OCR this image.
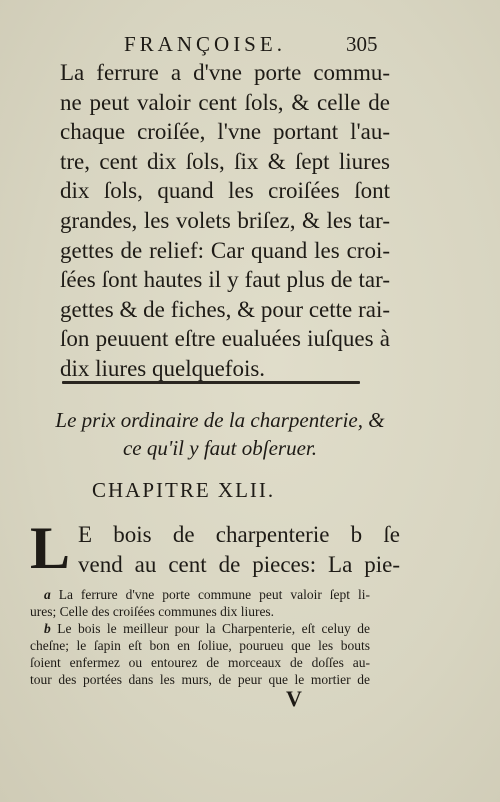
FRANÇOISE.	305
La ferrure a d'vne porte commu-
ne peut valoir cent ſols, & celle de
chaque croiſée, l'vne portant l'au-
tre, cent dix ſols, ſix & ſept liures
dix ſols, quand les croiſées ſont
grandes, les volets briſez, & les tar-
gettes de relief: Car quand les croi-
ſées ſont hautes il y faut plus de tar-
gettes & de fiches, & pour cette rai-
ſon peuuent eſtre eualuées iuſques à
dix liures quelquefois.
Le prix ordinaire de la charpenterie, &
ce qu'il y faut obſeruer.
CHAPITRE XLII.
L E bois de charpenterie b ſe
vend au cent de pieces: La pie-
a La ferrure d'vne porte commune peut valoir ſept li-
ures; Celle des croiſées communes dix liures.
b Le bois le meilleur pour la Charpenterie, eſt celuy de
cheſne; le ſapin eſt bon en ſoliue, pourueu que les bouts
ſoient enfermez ou entourez de morceaux de doſſes au-
tour des portées dans les murs, de peur que le mortier de
V
